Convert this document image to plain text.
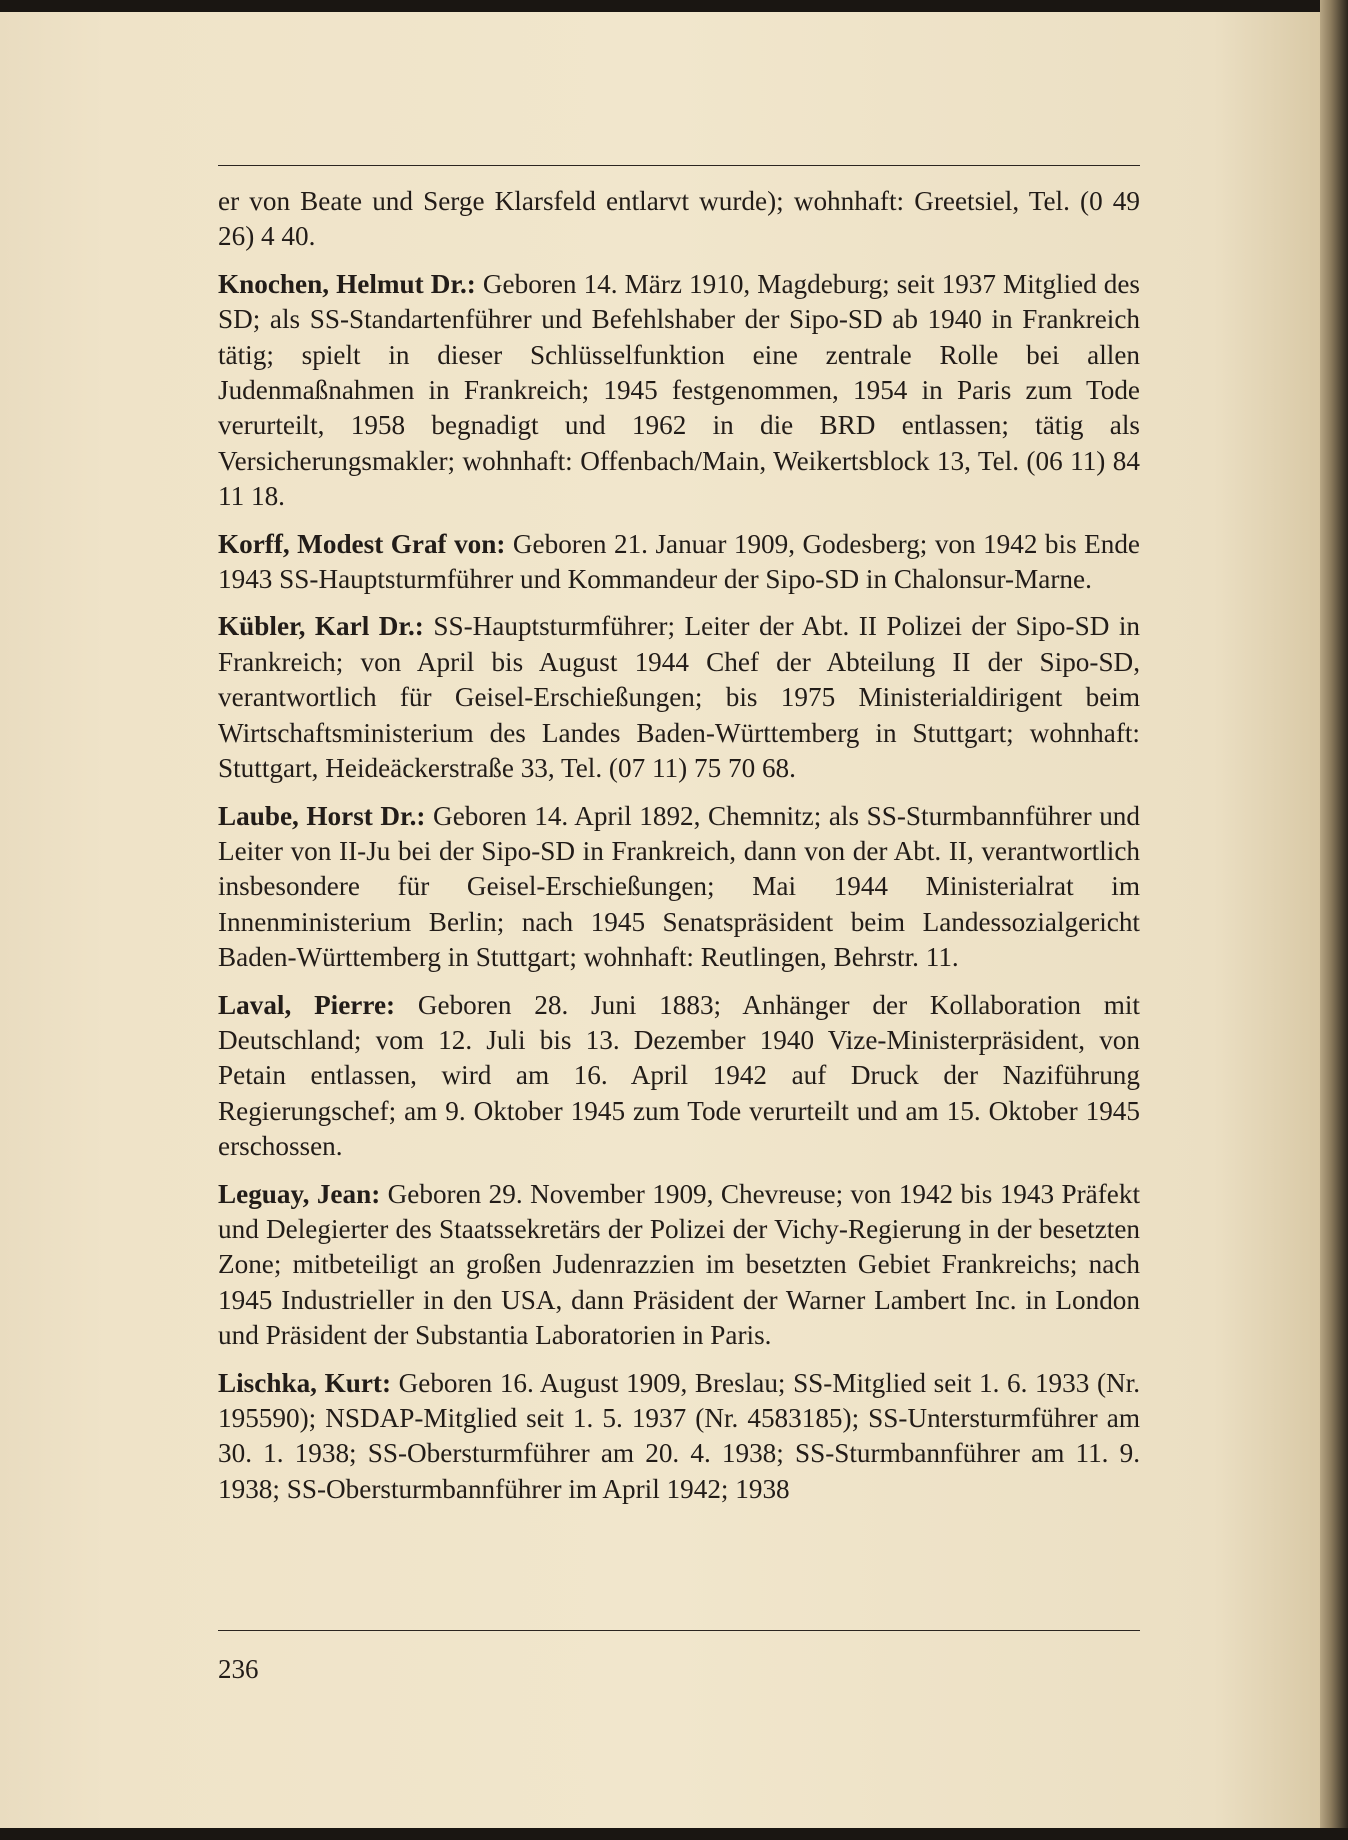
er von Beate und Serge Klarsfeld entlarvt wurde); wohnhaft: Greetsiel, Tel. (0 49 26) 4 40.

Knochen, Helmut Dr.: Geboren 14. März 1910, Magdeburg; seit 1937 Mitglied des SD; als SS-Standartenführer und Befehlshaber der Sipo-SD ab 1940 in Frankreich tätig; spielt in dieser Schlüsselfunktion eine zentrale Rolle bei allen Judenmaßnahmen in Frankreich; 1945 festgenommen, 1954 in Paris zum Tode verurteilt, 1958 begnadigt und 1962 in die BRD entlassen; tätig als Versicherungsmakler; wohnhaft: Offenbach/Main, Weikertsblock 13, Tel. (06 11) 84 11 18.

Korff, Modest Graf von: Geboren 21. Januar 1909, Godesberg; von 1942 bis Ende 1943 SS-Hauptsturmführer und Kommandeur der Sipo-SD in Chalonsur-Marne.

Kübler, Karl Dr.: SS-Hauptsturmführer; Leiter der Abt. II Polizei der Sipo-SD in Frankreich; von April bis August 1944 Chef der Abteilung II der Sipo-SD, verantwortlich für Geisel-Erschießungen; bis 1975 Ministerialdirigent beim Wirtschaftsministerium des Landes Baden-Württemberg in Stuttgart; wohnhaft: Stuttgart, Heideäckerstraße 33, Tel. (07 11) 75 70 68.

Laube, Horst Dr.: Geboren 14. April 1892, Chemnitz; als SS-Sturmbannführer und Leiter von II-Ju bei der Sipo-SD in Frankreich, dann von der Abt. II, verantwortlich insbesondere für Geisel-Erschießungen; Mai 1944 Ministerialrat im Innenministerium Berlin; nach 1945 Senatspräsident beim Landessozialgericht Baden-Württemberg in Stuttgart; wohnhaft: Reutlingen, Behrstr. 11.

Laval, Pierre: Geboren 28. Juni 1883; Anhänger der Kollaboration mit Deutschland; vom 12. Juli bis 13. Dezember 1940 Vize-Ministerpräsident, von Petain entlassen, wird am 16. April 1942 auf Druck der Naziführung Regierungschef; am 9. Oktober 1945 zum Tode verurteilt und am 15. Oktober 1945 erschossen.

Leguay, Jean: Geboren 29. November 1909, Chevreuse; von 1942 bis 1943 Präfekt und Delegierter des Staatssekretärs der Polizei der Vichy-Regierung in der besetzten Zone; mitbeteiligt an großen Judenrazzien im besetzten Gebiet Frankreichs; nach 1945 Industrieller in den USA, dann Präsident der Warner Lambert Inc. in London und Präsident der Substantia Laboratorien in Paris.

Lischka, Kurt: Geboren 16. August 1909, Breslau; SS-Mitglied seit 1. 6. 1933 (Nr. 195590); NSDAP-Mitglied seit 1. 5. 1937 (Nr. 4583185); SS-Untersturmführer am 30. 1. 1938; SS-Obersturmführer am 20. 4. 1938; SS-Sturmbannführer am 11. 9. 1938; SS-Obersturmbannführer im April 1942; 1938

236
